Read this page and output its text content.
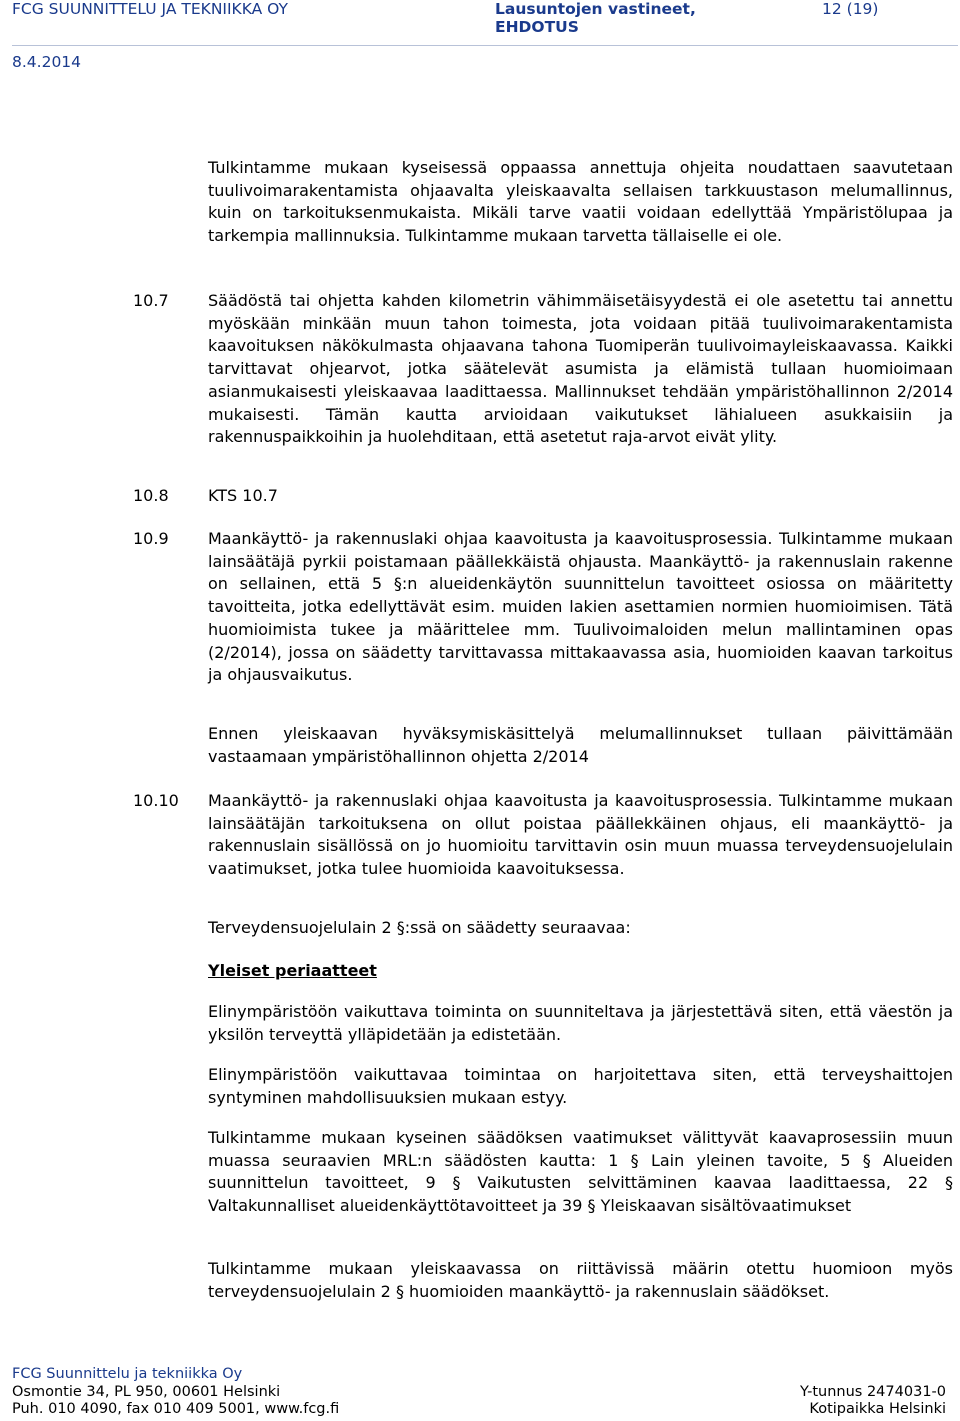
FCG SUUNNITTELU JA TEKNIIKKA OY	Lausuntojen vastineet,
EHDOTUS
12 (19)
8.4.2014

Tulkintamme mukaan kyseisessä oppaassa annettuja ohjeita noudattaen saavutetaan tuulivoimarakentamista ohjaavalta yleiskaavalta sellaisen tarkkuustason melumallinnus, kuin on tarkoituksenmukaista. Mikäli tarve vaatii voidaan edellyttää Ympäristölupaa ja tarkempia mallinnuksia. Tulkintamme mukaan tarvetta tällaiselle ei ole.

10.7 Säädöstä tai ohjetta kahden kilometrin vähimmäisetäisyydestä ei ole asetettu tai annettu myöskään minkään muun tahon toimesta, jota voidaan pitää tuulivoimarakentamista kaavoituksen näkökulmasta ohjaavana tahona Tuomiperän tuulivoimayleiskaavassa. Kaikki tarvittavat ohjearvot, jotka säätelevät asumista ja elämistä tullaan huomioimaan asianmukaisesti yleiskaavaa laadittaessa. Mallinnukset tehdään ympäristöhallinnon 2/2014 mukaisesti. Tämän kautta arvioidaan vaikutukset lähialueen asukkaisiin ja rakennuspaikkoihin ja huolehditaan, että asetetut raja-arvot eivät ylity.

10.8 KTS 10.7

10.9 Maankäyttö- ja rakennuslaki ohjaa kaavoitusta ja kaavoitusprosessia. Tulkintamme mukaan lainsäätäjä pyrkii poistamaan päällekkäistä ohjausta. Maankäyttö- ja rakennuslain rakenne on sellainen, että 5 §:n alueidenkäytön suunnittelun tavoitteet osiossa on määritetty tavoitteita, jotka edellyttävät esim. muiden lakien asettamien normien huomioimisen. Tätä huomioimista tukee ja määrittelee mm. Tuulivoimaloiden melun mallintaminen opas (2/2014), jossa on säädetty tarvittavassa mittakaavassa asia, huomioiden kaavan tarkoitus ja ohjausvaikutus.

Ennen yleiskaavan hyväksymiskäsittelyä melumallinnukset tullaan päivittämään vastaamaan ympäristöhallinnon ohjetta 2/2014

10.10 Maankäyttö- ja rakennuslaki ohjaa kaavoitusta ja kaavoitusprosessia. Tulkintamme mukaan lainsäätäjän tarkoituksena on ollut poistaa päällekkäinen ohjaus, eli maankäyttö- ja rakennuslain sisällössä on jo huomioitu tarvittavin osin muun muassa terveydensuojelulain vaatimukset, jotka tulee huomioida kaavoituksessa.

Terveydensuojelulain 2 §:ssä on säädetty seuraavaa:

Yleiset periaatteet

Elinympäristöön vaikuttava toiminta on suunniteltava ja järjestettävä siten, että väestön ja yksilön terveyttä ylläpidetään ja edistetään.

Elinympäristöön vaikuttavaa toimintaa on harjoitettava siten, että terveyshaittojen syntyminen mahdollisuuksien mukaan estyy.

Tulkintamme mukaan kyseinen säädöksen vaatimukset välittyvät kaavaprosessiin muun muassa seuraavien MRL:n säädösten kautta: 1 § Lain yleinen tavoite, 5 § Alueiden suunnittelun tavoitteet, 9 § Vaikutusten selvittäminen kaavaa laadittaessa, 22 § Valtakunnalliset alueidenkäyttötavoitteet ja 39 § Yleiskaavan sisältövaatimukset

Tulkintamme mukaan yleiskaavassa on riittävissä määrin otettu huomioon myös terveydensuojelulain 2 § huomioiden maankäyttö- ja rakennuslain säädökset.

FCG Suunnittelu ja tekniikka Oy
Osmontie 34, PL 950, 00601 Helsinki
Puh. 010 4090, fax 010 409 5001, www.fcg.fi
Y-tunnus 2474031-0
Kotipaikka Helsinki
